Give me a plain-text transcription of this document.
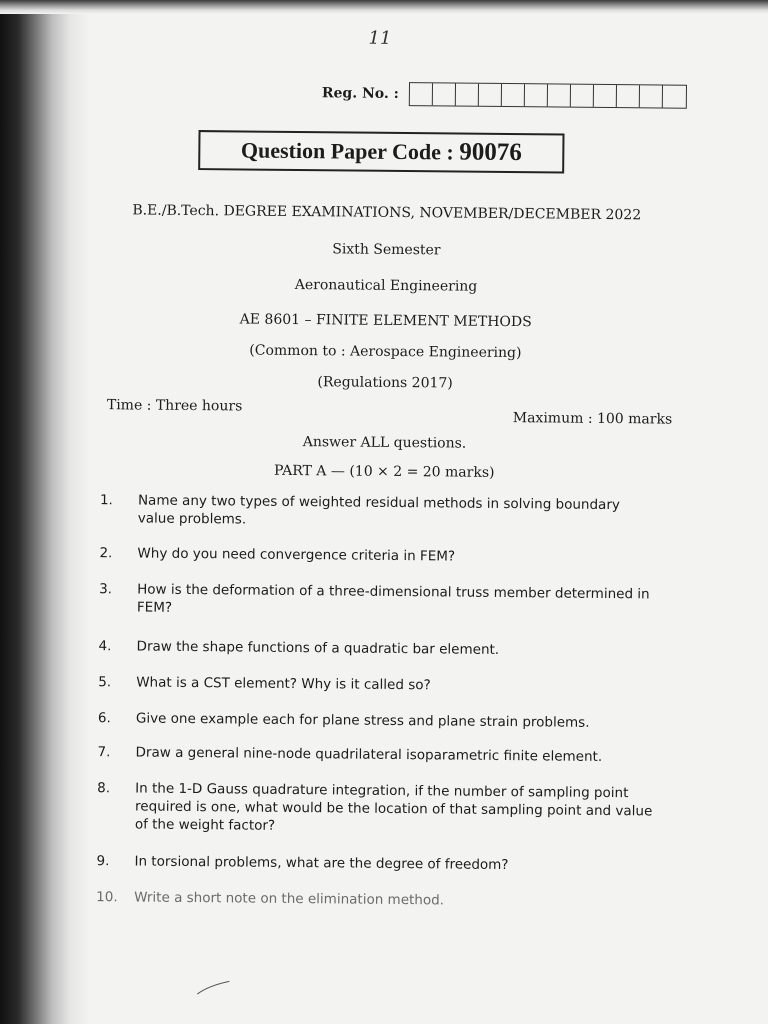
11
Reg. No. :
Question Paper Code : 90076
B.E./B.Tech. DEGREE EXAMINATIONS, NOVEMBER/DECEMBER 2022
Sixth Semester
Aeronautical Engineering
AE 8601 – FINITE ELEMENT METHODS
(Common to : Aerospace Engineering)
(Regulations 2017)
Time : Three hours
Maximum : 100 marks
Answer ALL questions.
PART A — (10 × 2 = 20 marks)
1.	Name any two types of weighted residual methods in solving boundary value problems.
2.	Why do you need convergence criteria in FEM?
3.	How is the deformation of a three-dimensional truss member determined in FEM?
4.	Draw the shape functions of a quadratic bar element.
5.	What is a CST element? Why is it called so?
6.	Give one example each for plane stress and plane strain problems.
7.	Draw a general nine-node quadrilateral isoparametric finite element.
8.	In the 1-D Gauss quadrature integration, if the number of sampling point required is one, what would be the location of that sampling point and value of the weight factor?
9.	In torsional problems, what are the degree of freedom?
10.	Write a short note on the elimination method.
